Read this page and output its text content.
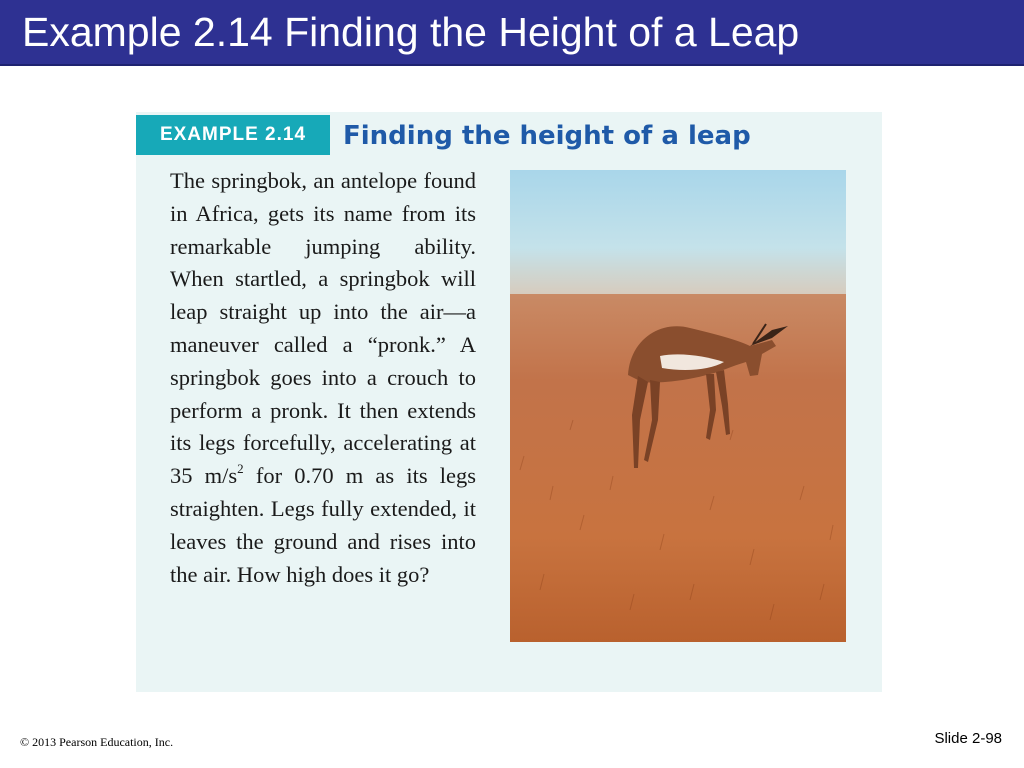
Example 2.14 Finding the Height of a Leap
EXAMPLE 2.14	Finding the height of a leap

The springbok, an antelope found in Africa, gets its name from its remarkable jumping ability. When startled, a springbok will leap straight up into the air—a maneuver called a “pronk.” A springbok goes into a crouch to perform a pronk. It then extends its legs forcefully, accelerating at 35 $m/s^2$ for 0.70 m as its legs straighten. Legs fully extended, it leaves the ground and rises into the air. How high does it go?

© 2013 Pearson Education, Inc.	Slide 2-98
